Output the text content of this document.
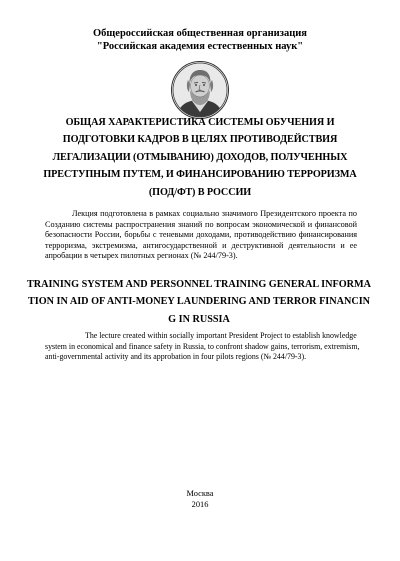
Общероссийская общественная организация
"Российская академия естественных наук"
ОБЩАЯ ХАРАКТЕРИСТИКА СИСТЕМЫ ОБУЧЕНИЯ И
ПОДГОТОВКИ КАДРОВ В ЦЕЛЯХ ПРОТИВОДЕЙСТВИЯ
ЛЕГАЛИЗАЦИИ (ОТМЫВАНИЮ) ДОХОДОВ, ПОЛУЧЕННЫХ
ПРЕСТУПНЫМ ПУТЕМ, И ФИНАНСИРОВАНИЮ ТЕРРОРИЗМА
(ПОД/ФТ) В РОССИИ
Лекция подготовлена в рамках социально значимого Президентского проекта по
Созданию системы распространения знаний по вопросам экономической и финансовой
безопасности России, борьбы с теневыми доходами, противодействию финансирования
терроризма, экстремизма, антигосударственной и деструктивной деятельности и ее
апробации в четырех пилотных регионах (№ 244/79-3).
TRAINING SYSTEM AND PERSONNEL TRAINING GENERAL INFORMA
TION IN AID OF ANTI-MONEY LAUNDERING AND TERROR FINANCIN
G IN RUSSIA
The lecture created within socially important President Project to establish knowledge
system in economical and finance safety in Russia, to confront shadow gains, terrorism, extremism,
anti-governmental activity and its approbation in four pilots regions (№ 244/79-3).
Москва
2016
